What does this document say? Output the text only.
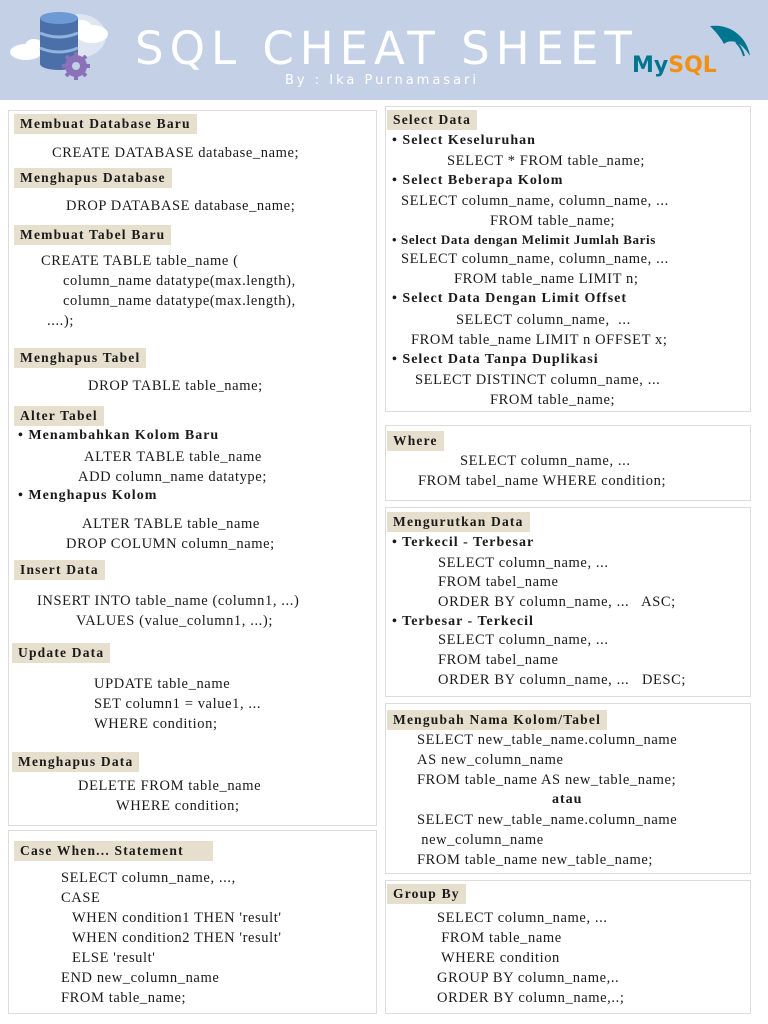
SQL CHEAT SHEET
By : Ika Purnamasari
MySQL
Membuat Database Baru
CREATE DATABASE database_name;
Menghapus Database
DROP DATABASE database_name;
Membuat Tabel Baru
CREATE TABLE table_name (
column_name datatype(max.length),
column_name datatype(max.length),
....);
Menghapus Tabel
DROP TABLE table_name;
Alter Tabel
• Menambahkan Kolom Baru
ALTER TABLE table_name
ADD column_name datatype;
• Menghapus Kolom
ALTER TABLE table_name
DROP COLUMN column_name;
Insert Data
INSERT INTO table_name (column1, ...)
VALUES (value_column1, ...);
Update Data
UPDATE table_name
SET column1 = value1, ...
WHERE condition;
Menghapus Data
DELETE FROM table_name
WHERE condition;
Case When... Statement
SELECT column_name, ...,
CASE
WHEN condition1 THEN 'result'
WHEN condition2 THEN 'result'
ELSE 'result'
END new_column_name
FROM table_name;
Select Data
• Select Keseluruhan
SELECT * FROM table_name;
• Select Beberapa Kolom
SELECT column_name, column_name, ...
FROM table_name;
• Select Data dengan Melimit Jumlah Baris
SELECT column_name, column_name, ...
FROM table_name LIMIT n;
• Select Data Dengan Limit Offset
SELECT column_name,  ...
FROM table_name LIMIT n OFFSET x;
• Select Data Tanpa Duplikasi
SELECT DISTINCT column_name, ...
FROM table_name;
Where
SELECT column_name, ...
FROM tabel_name WHERE condition;
Mengurutkan Data
• Terkecil - Terbesar
SELECT column_name, ...
FROM tabel_name
ORDER BY column_name, ...   ASC;
• Terbesar - Terkecil
SELECT column_name, ...
FROM tabel_name
ORDER BY column_name, ...   DESC;
Mengubah Nama Kolom/Tabel
SELECT new_table_name.column_name
AS new_column_name
FROM table_name AS new_table_name;
atau
SELECT new_table_name.column_name
new_column_name
FROM table_name new_table_name;
Group By
SELECT column_name, ...
FROM table_name
WHERE condition
GROUP BY column_name,..
ORDER BY column_name,..;
